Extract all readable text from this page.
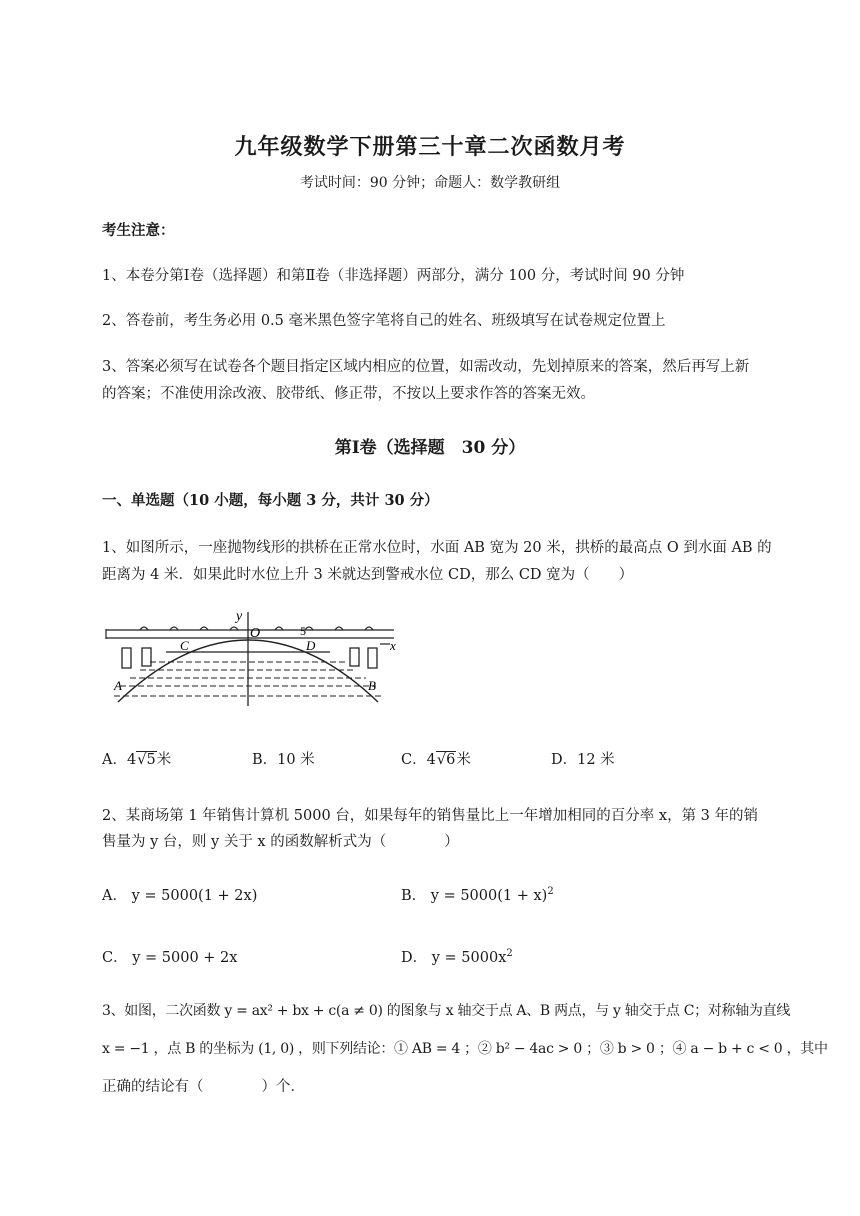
九年级数学下册第三十章二次函数月考
考试时间：90 分钟；命题人：数学教研组
考生注意：
1、本卷分第Ⅰ卷（选择题）和第Ⅱ卷（非选择题）两部分，满分 100 分，考试时间 90 分钟
2、答卷前，考生务必用 0.5 毫米黑色签字笔将自己的姓名、班级填写在试卷规定位置上
3、答案必须写在试卷各个题目指定区域内相应的位置，如需改动，先划掉原来的答案，然后再写上新
的答案；不准使用涂改液、胶带纸、修正带，不按以上要求作答的答案无效。
第Ⅰ卷（选择题　30 分）
一、单选题（10 小题，每小题 3 分，共计 30 分）
1、如图所示，一座抛物线形的拱桥在正常水位时，水面 AB 宽为 20 米，拱桥的最高点 O 到水面 AB 的
距离为 4 米．如果此时水位上升 3 米就达到警戒水位 CD，那么 CD 宽为（　　）
y
O	5
C	D	x
A	B
A．4√5米	B．10 米	C．4√6米	D．12 米
2、某商场第 1 年销售计算机 5000 台，如果每年的销售量比上一年增加相同的百分率 x，第 3 年的销
售量为 y 台，则 y 关于 x 的函数解析式为（　　　　）
A． y = 5000(1 + 2x)	B． $y = 5000(1 + x)^2$
C． y = 5000 + 2x	D． $y = 5000x^2$
3、如图，二次函数 y = ax² + bx + c(a ≠ 0) 的图象与 x 轴交于点 A、B 两点，与 y 轴交于点 C；对称轴为直线
x = −1 ，点 B 的坐标为 (1, 0) ，则下列结论：① AB = 4 ；② b² − 4ac > 0 ；③ b > 0 ；④ a − b + c < 0 ，其中
正确的结论有（　　　　）个．
